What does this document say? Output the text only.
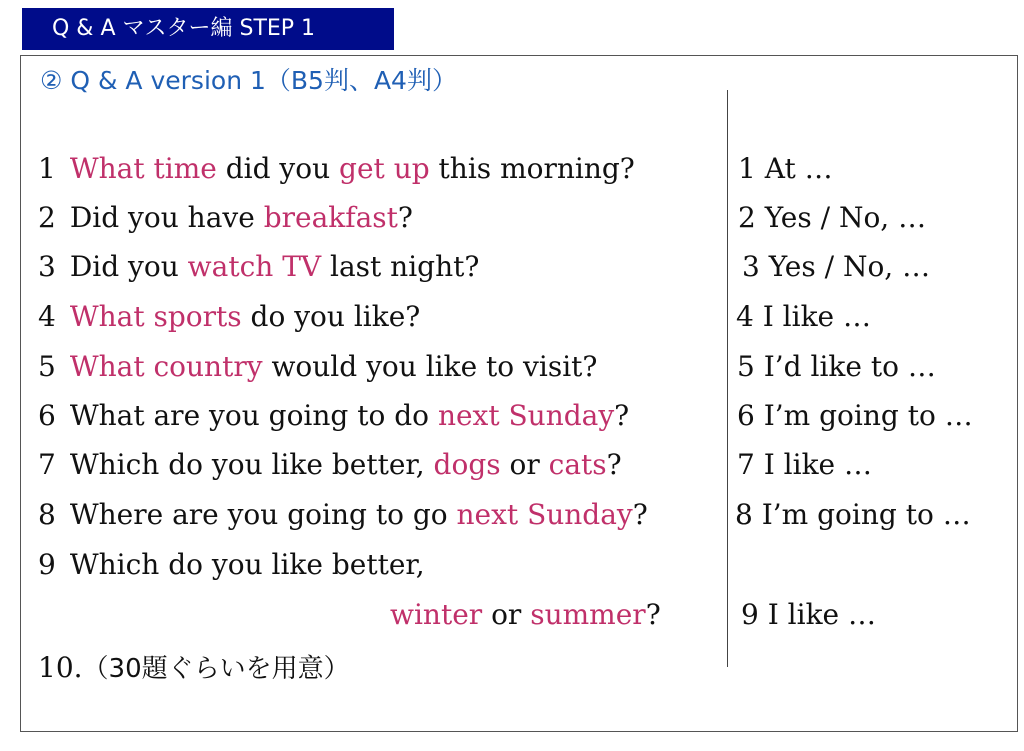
Q & A マスター編 STEP 1
② Q & A version 1（B5判、A4判）
1 What time did you get up this morning?
2 Did you have breakfast?
3 Did you watch TV last night?
4 What sports do you like?
5 What country would you like to visit?
6 What are you going to do next Sunday?
7 Which do you like better, dogs or cats?
8 Where are you going to go next Sunday?
9 Which do you like better,
winter or summer?
1 At …
2 Yes / No, …
3 Yes / No, …
4 I like …
5 I’d like to …
6 I’m going to …
7 I like …
8 I’m going to …
9 I like …
10.（30題ぐらいを用意）
